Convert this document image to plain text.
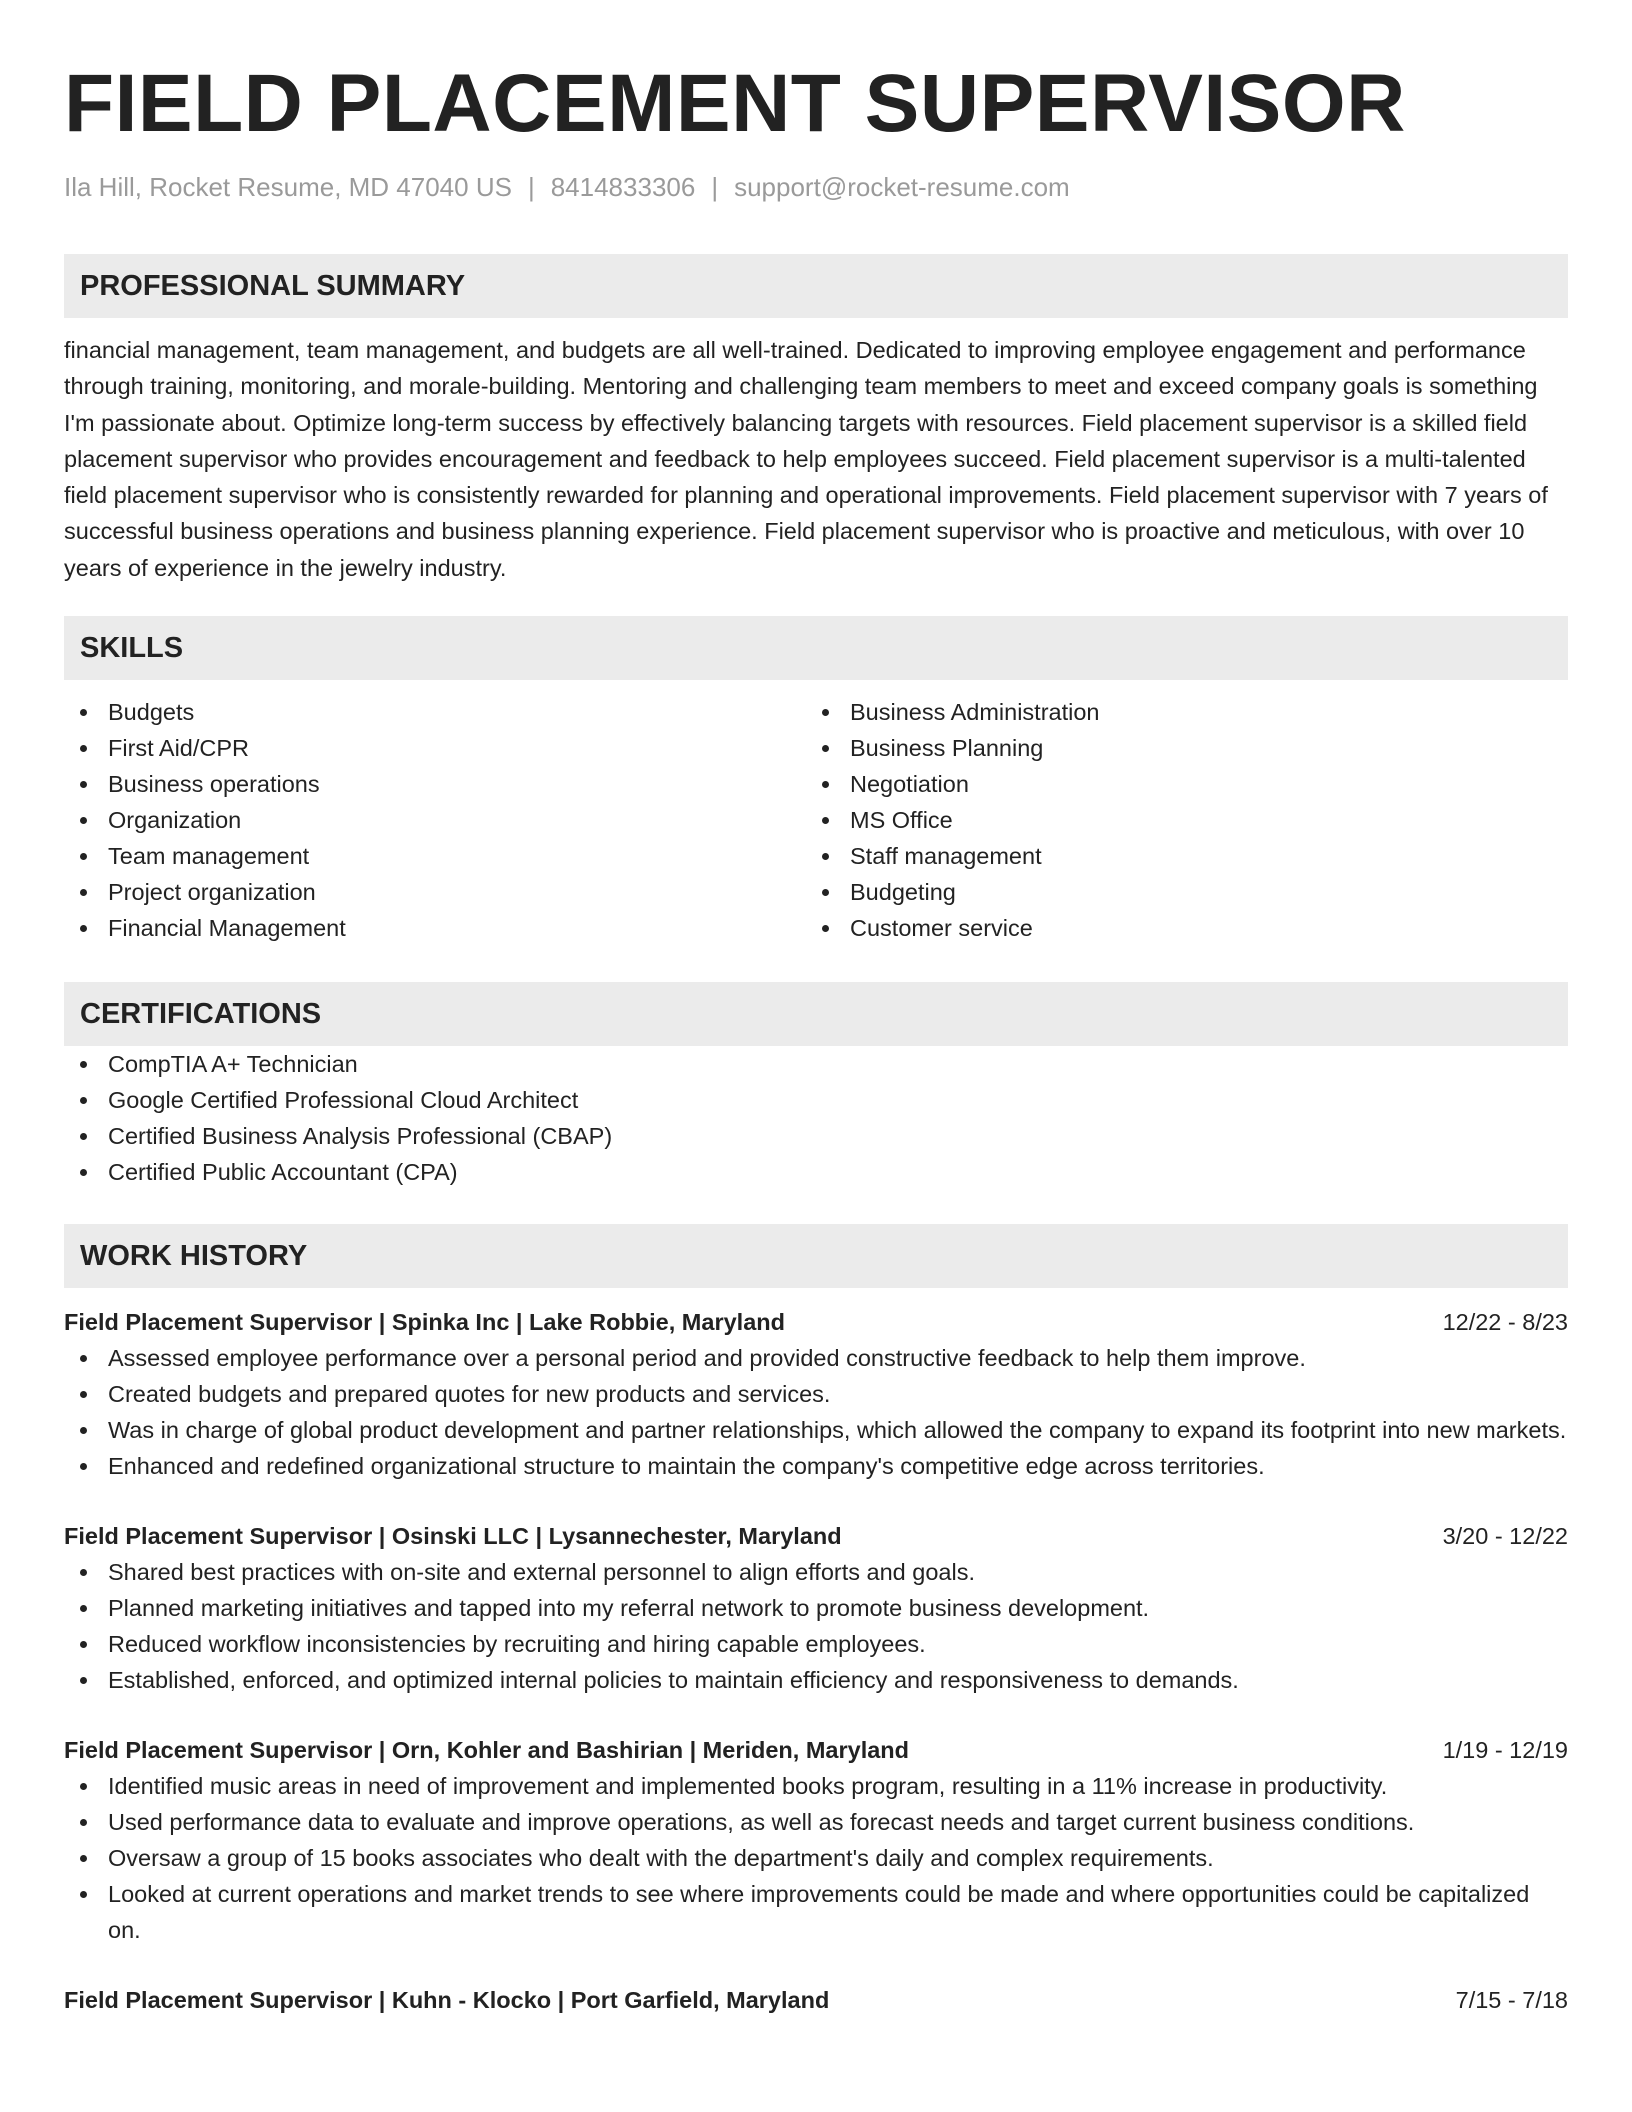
FIELD PLACEMENT SUPERVISOR
Ila Hill, Rocket Resume, MD 47040 US | 8414833306 | support@rocket-resume.com
PROFESSIONAL SUMMARY
financial management, team management, and budgets are all well-trained. Dedicated to improving employee engagement and performance through training, monitoring, and morale-building. Mentoring and challenging team members to meet and exceed company goals is something I'm passionate about. Optimize long-term success by effectively balancing targets with resources. Field placement supervisor is a skilled field placement supervisor who provides encouragement and feedback to help employees succeed. Field placement supervisor is a multi-talented field placement supervisor who is consistently rewarded for planning and operational improvements. Field placement supervisor with 7 years of successful business operations and business planning experience. Field placement supervisor who is proactive and meticulous, with over 10 years of experience in the jewelry industry.
SKILLS
Budgets
First Aid/CPR
Business operations
Organization
Team management
Project organization
Financial Management
Business Administration
Business Planning
Negotiation
MS Office
Staff management
Budgeting
Customer service
CERTIFICATIONS
CompTIA A+ Technician
Google Certified Professional Cloud Architect
Certified Business Analysis Professional (CBAP)
Certified Public Accountant (CPA)
WORK HISTORY
Field Placement Supervisor | Spinka Inc | Lake Robbie, Maryland	12/22 - 8/23
Assessed employee performance over a personal period and provided constructive feedback to help them improve.
Created budgets and prepared quotes for new products and services.
Was in charge of global product development and partner relationships, which allowed the company to expand its footprint into new markets.
Enhanced and redefined organizational structure to maintain the company's competitive edge across territories.
Field Placement Supervisor | Osinski LLC | Lysannechester, Maryland	3/20 - 12/22
Shared best practices with on-site and external personnel to align efforts and goals.
Planned marketing initiatives and tapped into my referral network to promote business development.
Reduced workflow inconsistencies by recruiting and hiring capable employees.
Established, enforced, and optimized internal policies to maintain efficiency and responsiveness to demands.
Field Placement Supervisor | Orn, Kohler and Bashirian | Meriden, Maryland	1/19 - 12/19
Identified music areas in need of improvement and implemented books program, resulting in a 11% increase in productivity.
Used performance data to evaluate and improve operations, as well as forecast needs and target current business conditions.
Oversaw a group of 15 books associates who dealt with the department's daily and complex requirements.
Looked at current operations and market trends to see where improvements could be made and where opportunities could be capitalized on.
Field Placement Supervisor | Kuhn - Klocko | Port Garfield, Maryland	7/15 - 7/18
